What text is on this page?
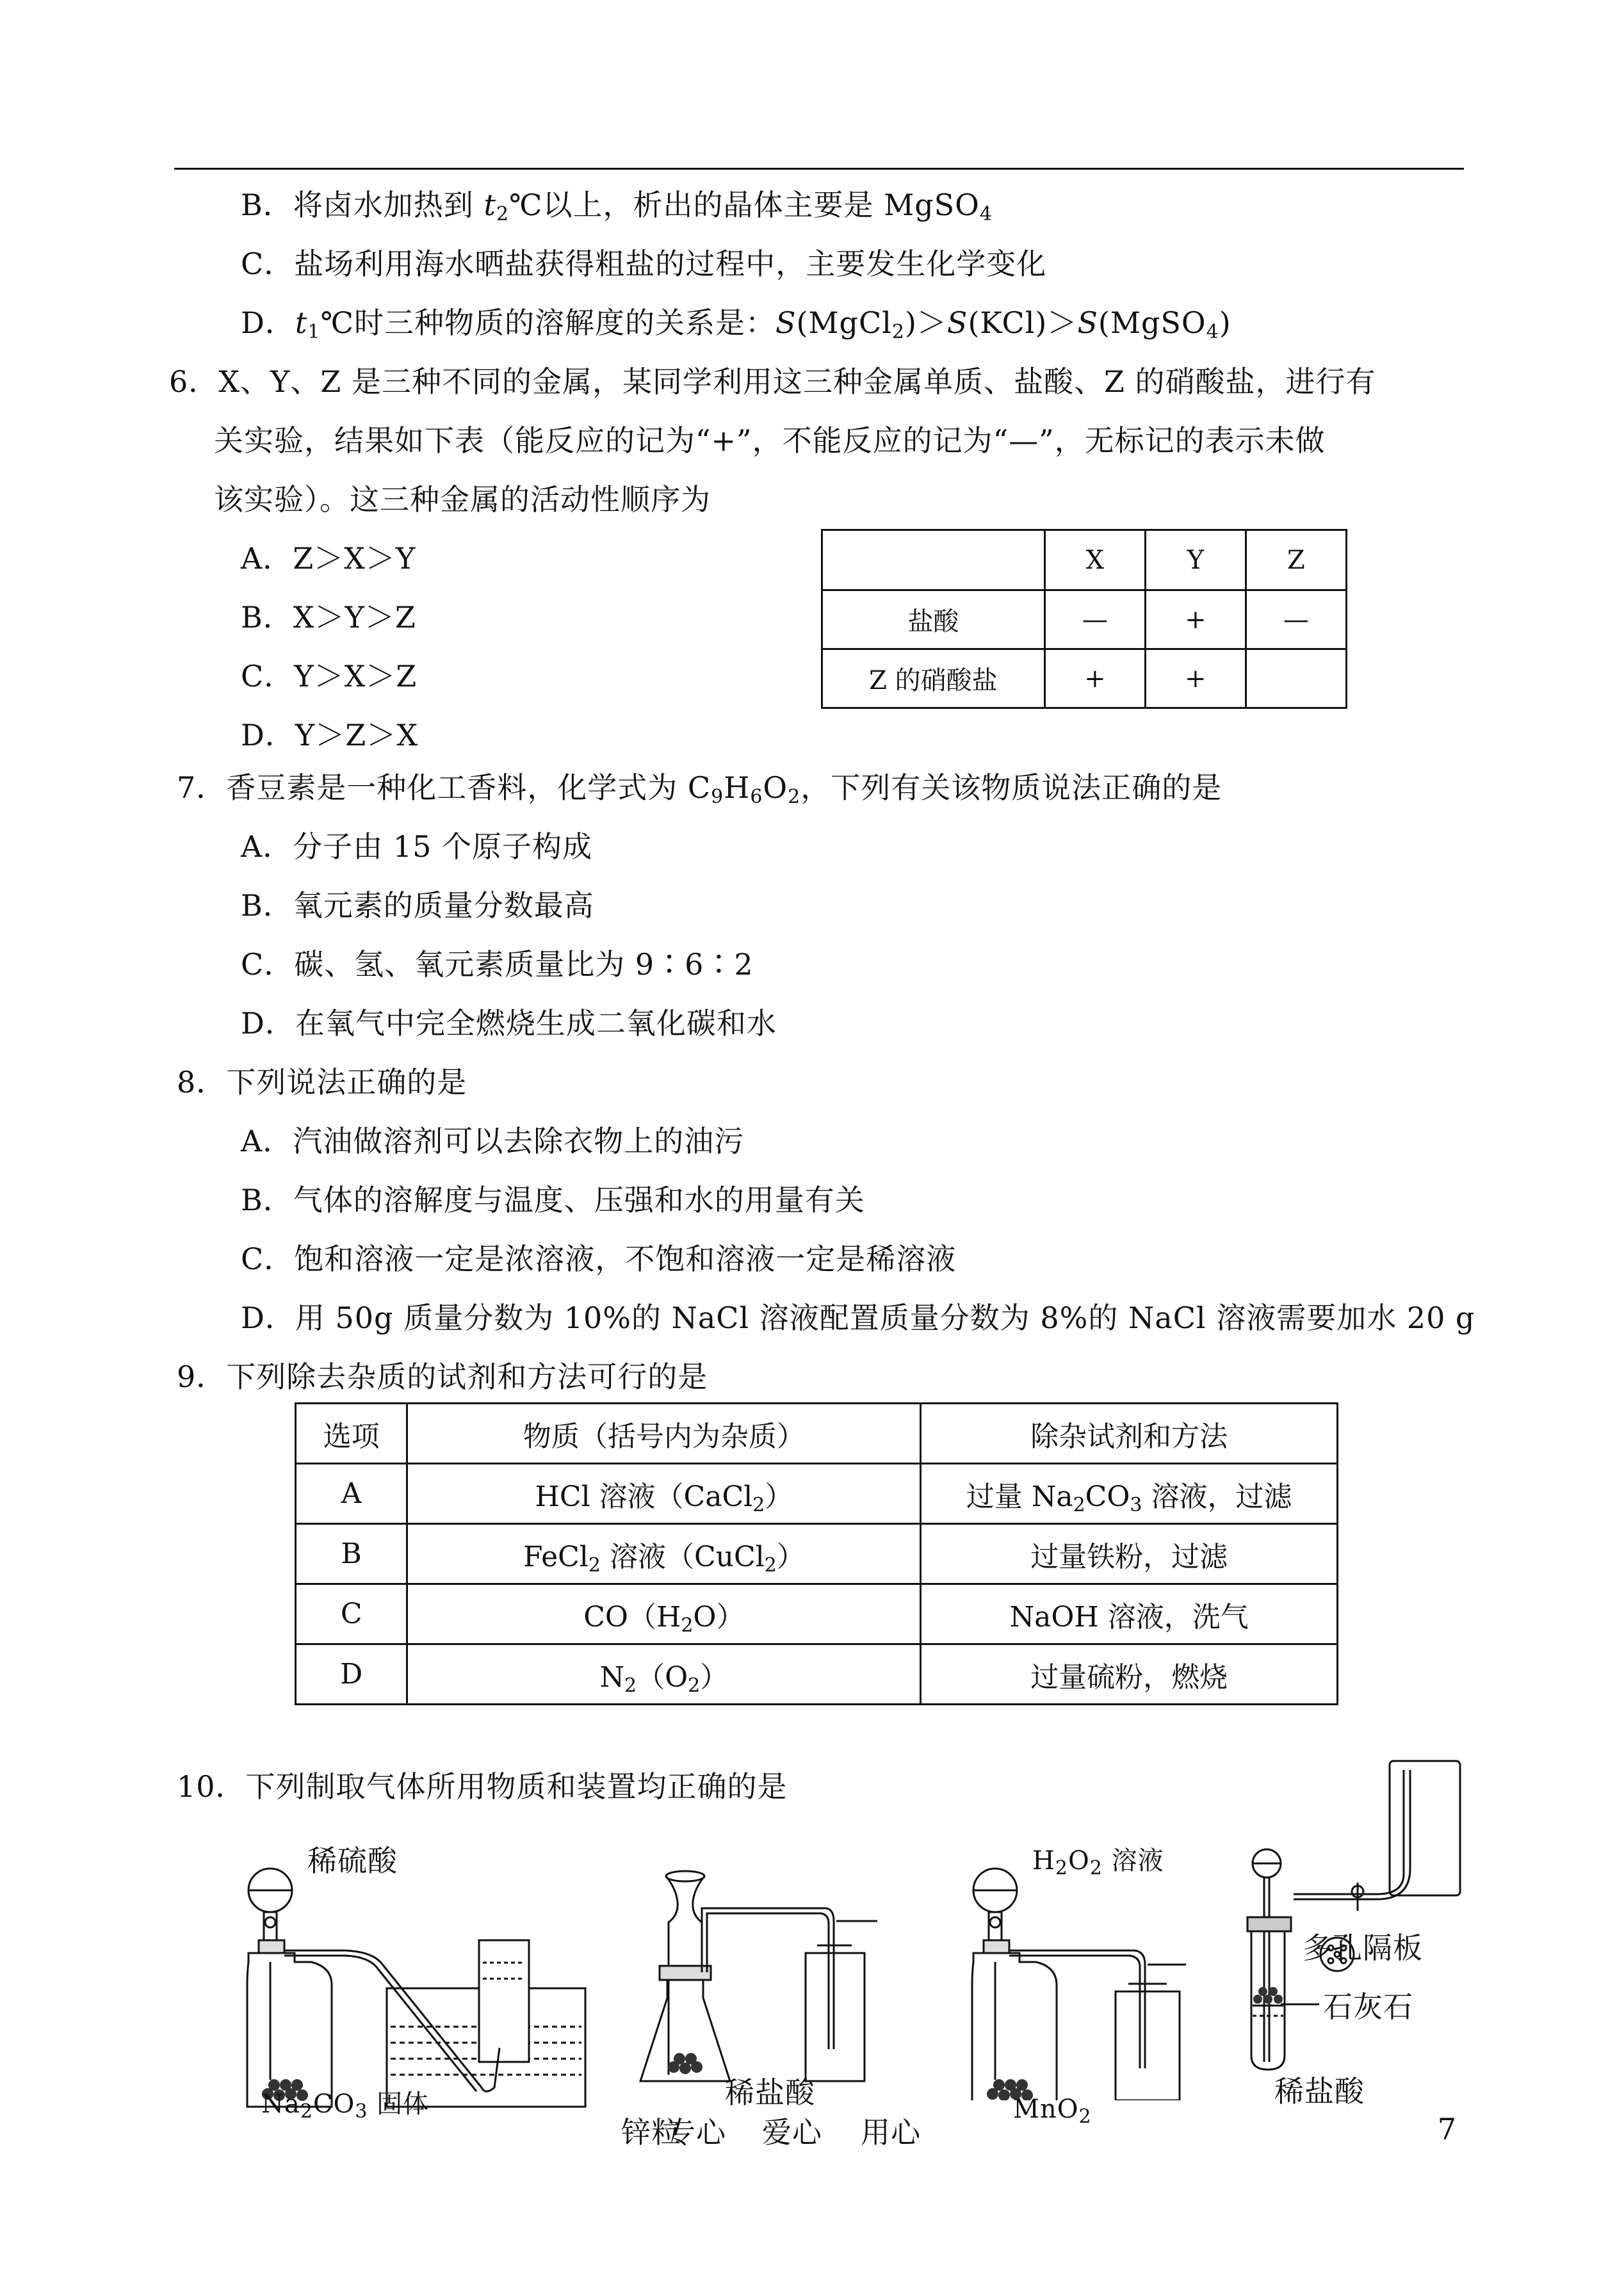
B．将卤水加热到 $t_2℃$以上，析出的晶体主要是 MgSO$_4$
C．盐场利用海水晒盐获得粗盐的过程中，主要发生化学变化
D．$t_1℃$时三种物质的溶解度的关系是：S(MgCl$_2$)＞S(KCl)＞S(MgSO$_4$)
6．X、Y、Z 是三种不同的金属，某同学利用这三种金属单质、盐酸、Z 的硝酸盐，进行有
关实验，结果如下表（能反应的记为“+”，不能反应的记为“—”，无标记的表示未做
该实验）。这三种金属的活动性顺序为
A．Z＞X＞Y
B．X＞Y＞Z
C．Y＞X＞Z
D．Y＞Z＞X
	X	Y	Z
盐酸	—	+	—
Z 的硝酸盐	+	+	
7．香豆素是一种化工香料，化学式为 $C_9H_6O_2$，下列有关该物质说法正确的是
A．分子由 15 个原子构成
B．氧元素的质量分数最高
C．碳、氢、氧元素质量比为 9∶6∶2
D．在氧气中完全燃烧生成二氧化碳和水
8．下列说法正确的是
A．汽油做溶剂可以去除衣物上的油污
B．气体的溶解度与温度、压强和水的用量有关
C．饱和溶液一定是浓溶液，不饱和溶液一定是稀溶液
D．用 50g 质量分数为 10%的 NaCl 溶液配置质量分数为 8%的 NaCl 溶液需要加水 20 g
9．下列除去杂质的试剂和方法可行的是
选项	物质（括号内为杂质）	除杂试剂和方法
A	HCl 溶液（CaCl$_2$）	过量 $Na_2CO_3$ 溶液，过滤
B	FeCl$_2$ 溶液（CuCl$_2$）	过量铁粉，过滤
C	$CO(H_2O)$	NaOH 溶液，洗气
D	$N_2(O_2)$	过量硫粉，燃烧
10．下列制取气体所用物质和装置均正确的是
稀硫酸
$Na_2CO_3$ 固体
锌粒
稀盐酸
$H_2O_2$ 溶液
MnO$_2$
多孔隔板
石灰石
稀盐酸
专心 爱心 用心	7
